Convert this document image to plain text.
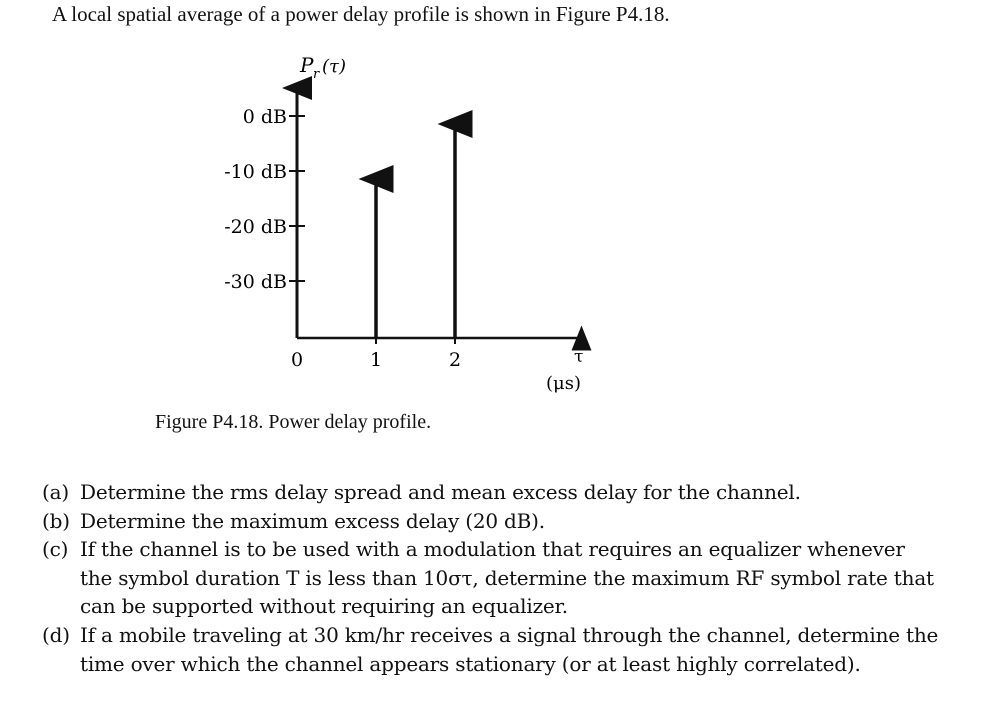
A local spatial average of a power delay profile is shown in Figure P4.18.
P r (τ)
0 dB
-10 dB
-20 dB
-30 dB
0	1	2	τ
(μs)
Figure P4.18. Power delay profile.
(a) Determine the rms delay spread and mean excess delay for the channel.
(b) Determine the maximum excess delay (20 dB).
(c) If the channel is to be used with a modulation that requires an equalizer whenever the symbol duration T is less than 10στ, determine the maximum RF symbol rate that can be supported without requiring an equalizer.
(d) If a mobile traveling at 30 km/hr receives a signal through the channel, determine the time over which the channel appears stationary (or at least highly correlated).
